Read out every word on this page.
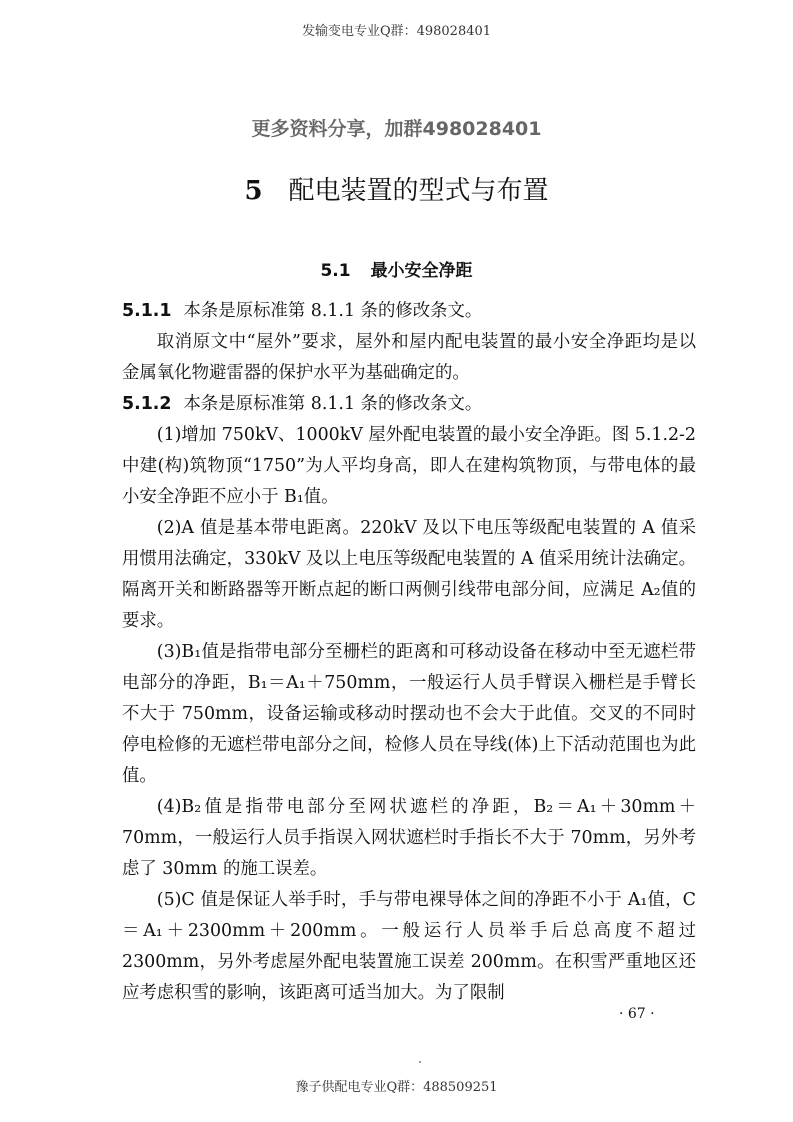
发输变电专业Q群：498028401
更多资料分享，加群498028401
5 配电装置的型式与布置
5.1 最小安全净距

5.1.1 本条是原标准第 8.1.1 条的修改条文。

取消原文中“屋外”要求，屋外和屋内配电装置的最小安全净距均是以金属氧化物避雷器的保护水平为基础确定的。

5.1.2 本条是原标准第 8.1.1 条的修改条文。

(1)增加 750kV、1000kV 屋外配电装置的最小安全净距。图 5.1.2-2 中建(构)筑物顶“1750”为人平均身高，即人在建构筑物顶，与带电体的最小安全净距不应小于 B₁值。

(2)A 值是基本带电距离。220kV 及以下电压等级配电装置的 A 值采用惯用法确定，330kV 及以上电压等级配电装置的 A 值采用统计法确定。隔离开关和断路器等开断点起的断口两侧引线带电部分间，应满足 A₂值的要求。

(3)B₁值是指带电部分至栅栏的距离和可移动设备在移动中至无遮栏带电部分的净距，B₁＝A₁＋750mm，一般运行人员手臂误入栅栏是手臂长不大于 750mm，设备运输或移动时摆动也不会大于此值。交叉的不同时停电检修的无遮栏带电部分之间，检修人员在导线(体)上下活动范围也为此值。

(4)B₂值是指带电部分至网状遮栏的净距，B₂＝A₁＋30mm＋70mm，一般运行人员手指误入网状遮栏时手指长不大于 70mm，另外考虑了 30mm 的施工误差。

(5)C 值是保证人举手时，手与带电裸导体之间的净距不小于 A₁值，C＝A₁＋2300mm＋200mm。一般运行人员举手后总高度不超过 2300mm，另外考虑屋外配电装置施工误差 200mm。在积雪严重地区还应考虑积雪的影响，该距离可适当加大。为了限制

· 67 ·
豫子供配电专业Q群：488509251
